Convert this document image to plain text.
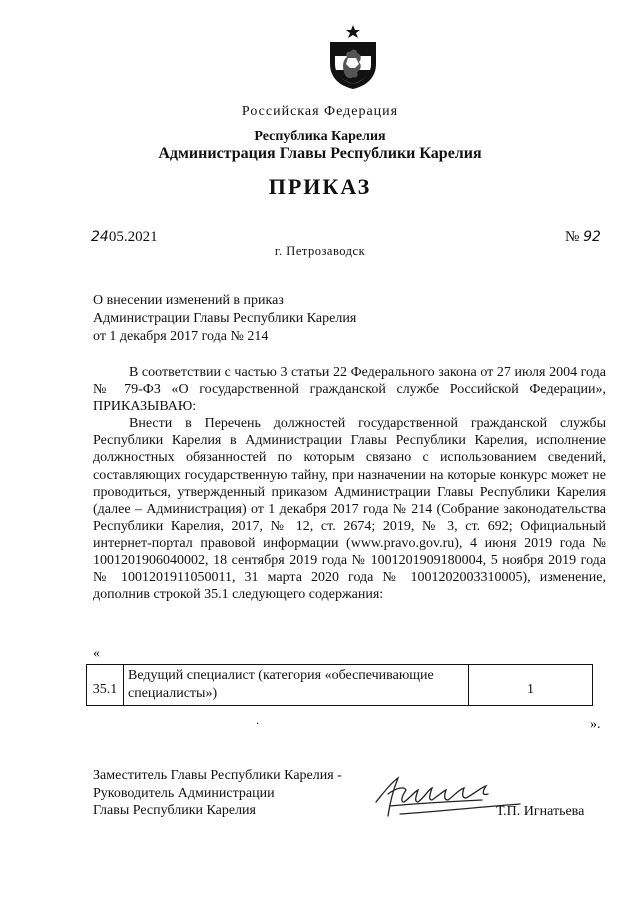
Российская Федерация
Республика Карелия
Администрация Главы Республики Карелия
ПРИКАЗ
2405.2021	№ 92
г. Петрозаводск
О внесении изменений в приказ
Администрации Главы Республики Карелия
от 1 декабря 2017 года № 214

В соответствии с частью 3 статьи 22 Федерального закона от 27 июля 2004 года № 79-ФЗ «О государственной гражданской службе Российской Федерации», ПРИКАЗЫВАЮ:

Внести в Перечень должностей государственной гражданской службы Республики Карелия в Администрации Главы Республики Карелия, исполнение должностных обязанностей по которым связано с использованием сведений, составляющих государственную тайну, при назначении на которые конкурс может не проводиться, утвержденный приказом Администрации Главы Республики Карелия (далее – Администрация) от 1 декабря 2017 года № 214 (Собрание законодательства Республики Карелия, 2017, № 12, ст. 2674; 2019, № 3, ст. 692; Официальный интернет-портал правовой информации (www.pravo.gov.ru), 4 июня 2019 года № 1001201906040002, 18 сентября 2019 года № 1001201909180004, 5 ноября 2019 года № 1001201911050011, 31 марта 2020 года № 1001202003310005), изменение, дополнив строкой 35.1 следующего содержания:

«
35.1	Ведущий специалист (категория «обеспечивающие специалисты»)	1
·	».
Заместитель Главы Республики Карелия -
Руководитель Администрации
Главы Республики Карелия	Т.П. Игнатьева
